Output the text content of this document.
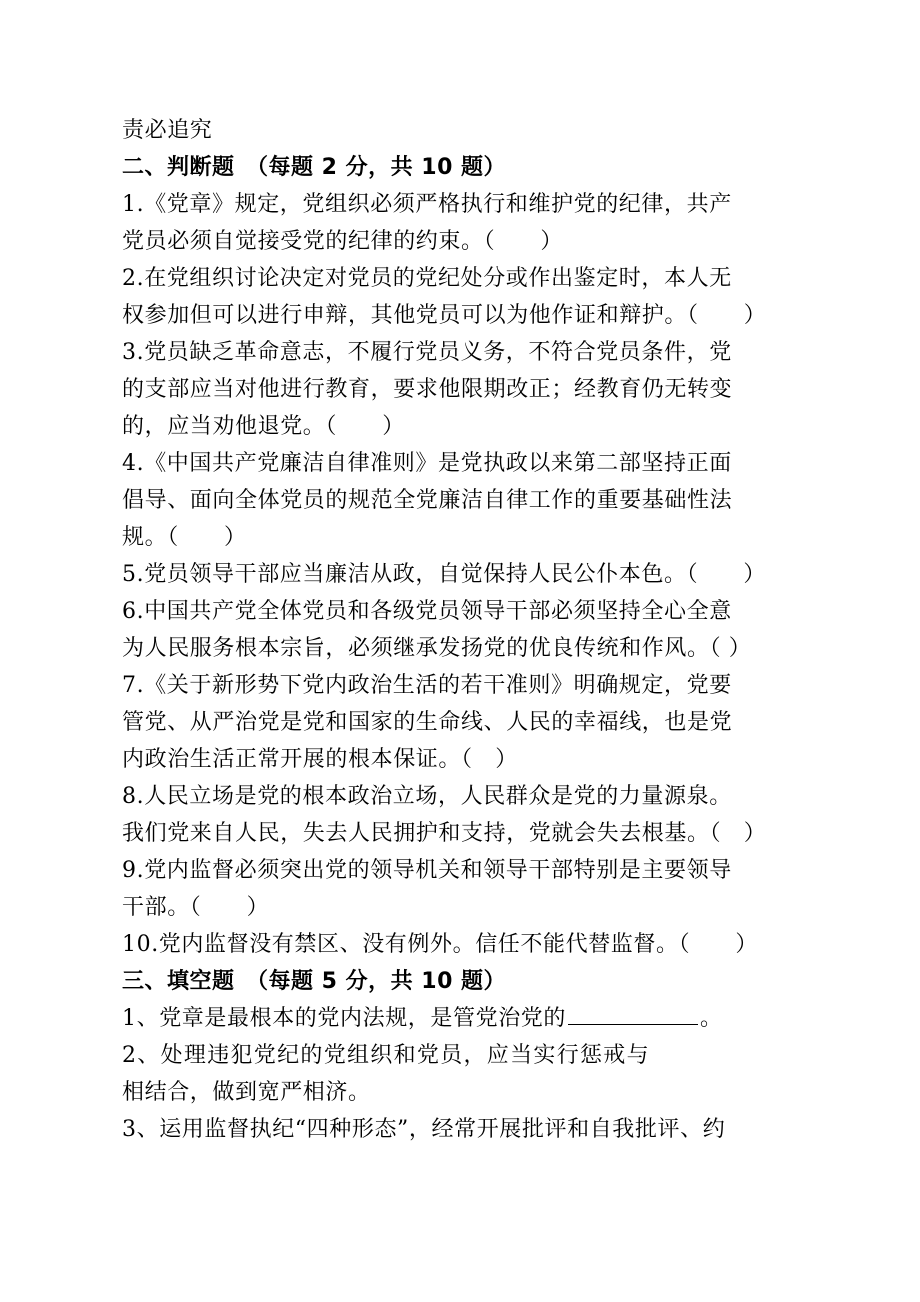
责必追究
二、判断题　（每题 2 分，共 10 题）
1.《党章》规定，党组织必须严格执行和维护党的纪律，共产
党员必须自觉接受党的纪律的约束。（　　）
2.在党组织讨论决定对党员的党纪处分或作出鉴定时，本人无
权参加但可以进行申辩，其他党员可以为他作证和辩护。（　　）
3.党员缺乏革命意志，不履行党员义务，不符合党员条件，党
的支部应当对他进行教育，要求他限期改正；经教育仍无转变
的，应当劝他退党。（　　）
4.《中国共产党廉洁自律准则》是党执政以来第二部坚持正面
倡导、面向全体党员的规范全党廉洁自律工作的重要基础性法
规。（　　）
5.党员领导干部应当廉洁从政，自觉保持人民公仆本色。（　　）
6.中国共产党全体党员和各级党员领导干部必须坚持全心全意
为人民服务根本宗旨，必须继承发扬党的优良传统和作风。（ ）
7.《关于新形势下党内政治生活的若干准则》明确规定，党要
管党、从严治党是党和国家的生命线、人民的幸福线，也是党
内政治生活正常开展的根本保证。（　）
8.人民立场是党的根本政治立场，人民群众是党的力量源泉。
我们党来自人民，失去人民拥护和支持，党就会失去根基。（　）
9.党内监督必须突出党的领导机关和领导干部特别是主要领导
干部。（　　）
10.党内监督没有禁区、没有例外。信任不能代替监督。（　　）
三、填空题　（每题 5 分，共 10 题）
1、党章是最根本的党内法规，是管党治党的	。
2、处理违犯党纪的党组织和党员，应当实行惩戒与
相结合，做到宽严相济。
3、运用监督执纪“四种形态”，经常开展批评和自我批评、约
